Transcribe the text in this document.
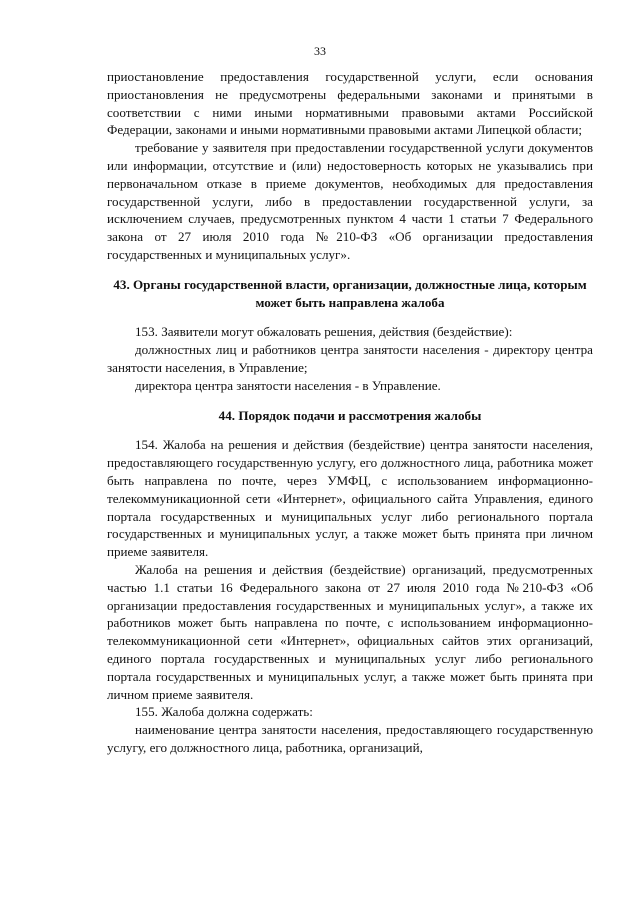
33

приостановление предоставления государственной услуги, если основания приостановления не предусмотрены федеральными законами и принятыми в соответствии с ними иными нормативными правовыми актами Российской Федерации, законами и иными нормативными правовыми актами Липецкой области;

требование у заявителя при предоставлении государственной услуги документов или информации, отсутствие и (или) недостоверность которых не указывались при первоначальном отказе в приеме документов, необходимых для предоставления государственной услуги, либо в предоставлении государственной услуги, за исключением случаев, предусмотренных пунктом 4 части 1 статьи 7 Федерального закона от 27 июля 2010 года №210-ФЗ «Об организации предоставления государственных и муниципальных услуг».

43. Органы государственной власти, организации, должностные лица, которым может быть направлена жалоба

153. Заявители могут обжаловать решения, действия (бездействие):

должностных лиц и работников центра занятости населения - директору центра занятости населения, в Управление;

директора центра занятости населения - в Управление.

44. Порядок подачи и рассмотрения жалобы

154. Жалоба на решения и действия (бездействие) центра занятости населения, предоставляющего государственную услугу, его должностного лица, работника может быть направлена по почте, через УМФЦ, с использованием информационно-телекоммуникационной сети «Интернет», официального сайта Управления, единого портала государственных и муниципальных услуг либо регионального портала государственных и муниципальных услуг, а также может быть принята при личном приеме заявителя.

Жалоба на решения и действия (бездействие) организаций, предусмотренных частью 1.1 статьи 16 Федерального закона от 27 июля 2010 года №210-ФЗ «Об организации предоставления государственных и муниципальных услуг», а также их работников может быть направлена по почте, с использованием информационно-телекоммуникационной сети «Интернет», официальных сайтов этих организаций, единого портала государственных и муниципальных услуг либо регионального портала государственных и муниципальных услуг, а также может быть принята при личном приеме заявителя.

155. Жалоба должна содержать:

наименование центра занятости населения, предоставляющего государственную услугу, его должностного лица, работника, организаций,
